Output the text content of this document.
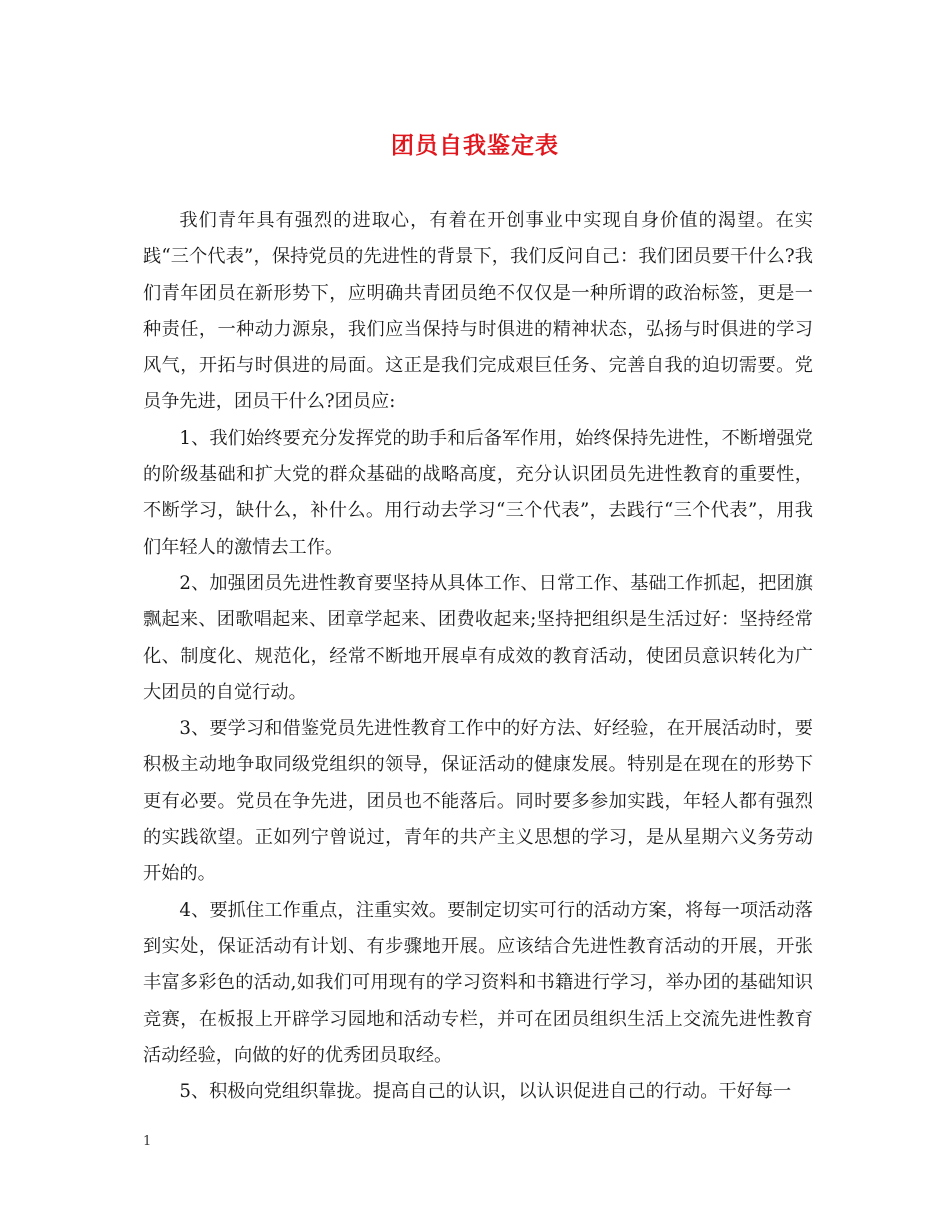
团员自我鉴定表

我们青年具有强烈的进取心，有着在开创事业中实现自身价值的渴望。在实践“三个代表”，保持党员的先进性的背景下，我们反问自己：我们团员要干什么?我们青年团员在新形势下，应明确共青团员绝不仅仅是一种所谓的政治标签，更是一种责任，一种动力源泉，我们应当保持与时俱进的精神状态，弘扬与时俱进的学习风气，开拓与时俱进的局面。这正是我们完成艰巨任务、完善自我的迫切需要。党员争先进，团员干什么?团员应:

1、我们始终要充分发挥党的助手和后备军作用，始终保持先进性，不断增强党的阶级基础和扩大党的群众基础的战略高度，充分认识团员先进性教育的重要性，不断学习，缺什么，补什么。用行动去学习“三个代表”，去践行“三个代表”，用我们年轻人的激情去工作。

2、加强团员先进性教育要坚持从具体工作、日常工作、基础工作抓起，把团旗飘起来、团歌唱起来、团章学起来、团费收起来;坚持把组织是生活过好：坚持经常化、制度化、规范化，经常不断地开展卓有成效的教育活动，使团员意识转化为广大团员的自觉行动。

3、要学习和借鉴党员先进性教育工作中的好方法、好经验，在开展活动时，要积极主动地争取同级党组织的领导，保证活动的健康发展。特别是在现在的形势下更有必要。党员在争先进，团员也不能落后。同时要多参加实践，年轻人都有强烈的实践欲望。正如列宁曾说过，青年的共产主义思想的学习，是从星期六义务劳动开始的。

4、要抓住工作重点，注重实效。要制定切实可行的活动方案，将每一项活动落到实处，保证活动有计划、有步骤地开展。应该结合先进性教育活动的开展，开张丰富多彩色的活动,如我们可用现有的学习资料和书籍进行学习，举办团的基础知识竞赛，在板报上开辟学习园地和活动专栏，并可在团员组织生活上交流先进性教育活动经验，向做的好的优秀团员取经。

5、积极向党组织靠拢。提高自己的认识，以认识促进自己的行动。干好每一

1
